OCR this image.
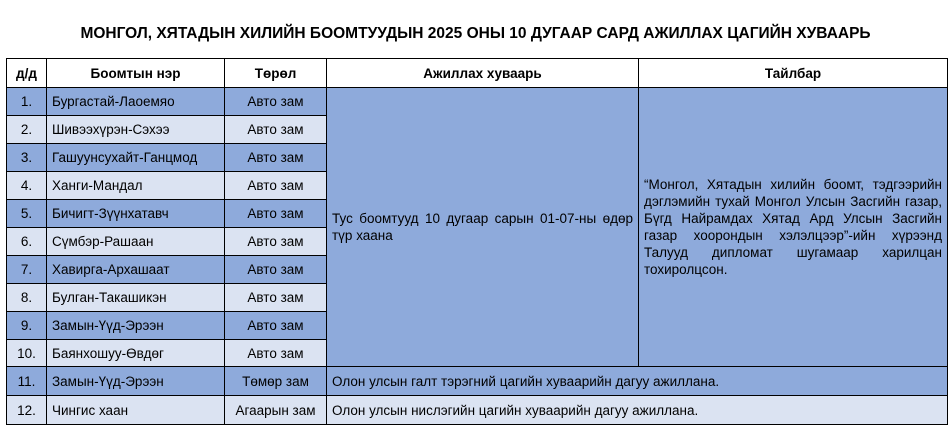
МОНГОЛ, ХЯТАДЫН ХИЛИЙН БООМТУУДЫН 2025 ОНЫ 10 ДУГААР САРД АЖИЛЛАХ ЦАГИЙН ХУВААРЬ
д/д	Боомтын нэр	Төрөл	Ажиллах хуваарь	Тайлбар
1.	Бургастай-Лаоемяо	Авто зам	Тус боомтууд 10 дугаар сарын 01-07-ны өдөр түр хаана	“Монгол, Хятадын хилийн боомт, тэдгээрийн дэглэмийн тухай Монгол Улсын Засгийн газар, Бүгд Найрамдах Хятад Ард Улсын Засгийн газар хоорондын хэлэлцээр”-ийн хүрээнд Талууд дипломат шугамаар харилцан тохиролцсон.
2.	Шивээхүрэн-Сэхээ	Авто зам		
3.	Гашуунсухайт-Ганцмод	Авто зам		
4.	Ханги-Мандал	Авто зам		
5.	Бичигт-Зүүнхатавч	Авто зам		
6.	Сүмбэр-Рашаан	Авто зам		
7.	Хавирга-Архашаат	Авто зам		
8.	Булган-Такашикэн	Авто зам		
9.	Замын-Үүд-Эрээн	Авто зам		
10.	Баянхошуу-Өвдөг	Авто зам		
11.	Замын-Үүд-Эрээн	Төмөр зам	Олон улсын галт тэрэгний цагийн хуваарийн дагуу ажиллана.	
12.	Чингис хаан	Агаарын зам	Олон улсын нислэгийн цагийн хуваарийн дагуу ажиллана.	
